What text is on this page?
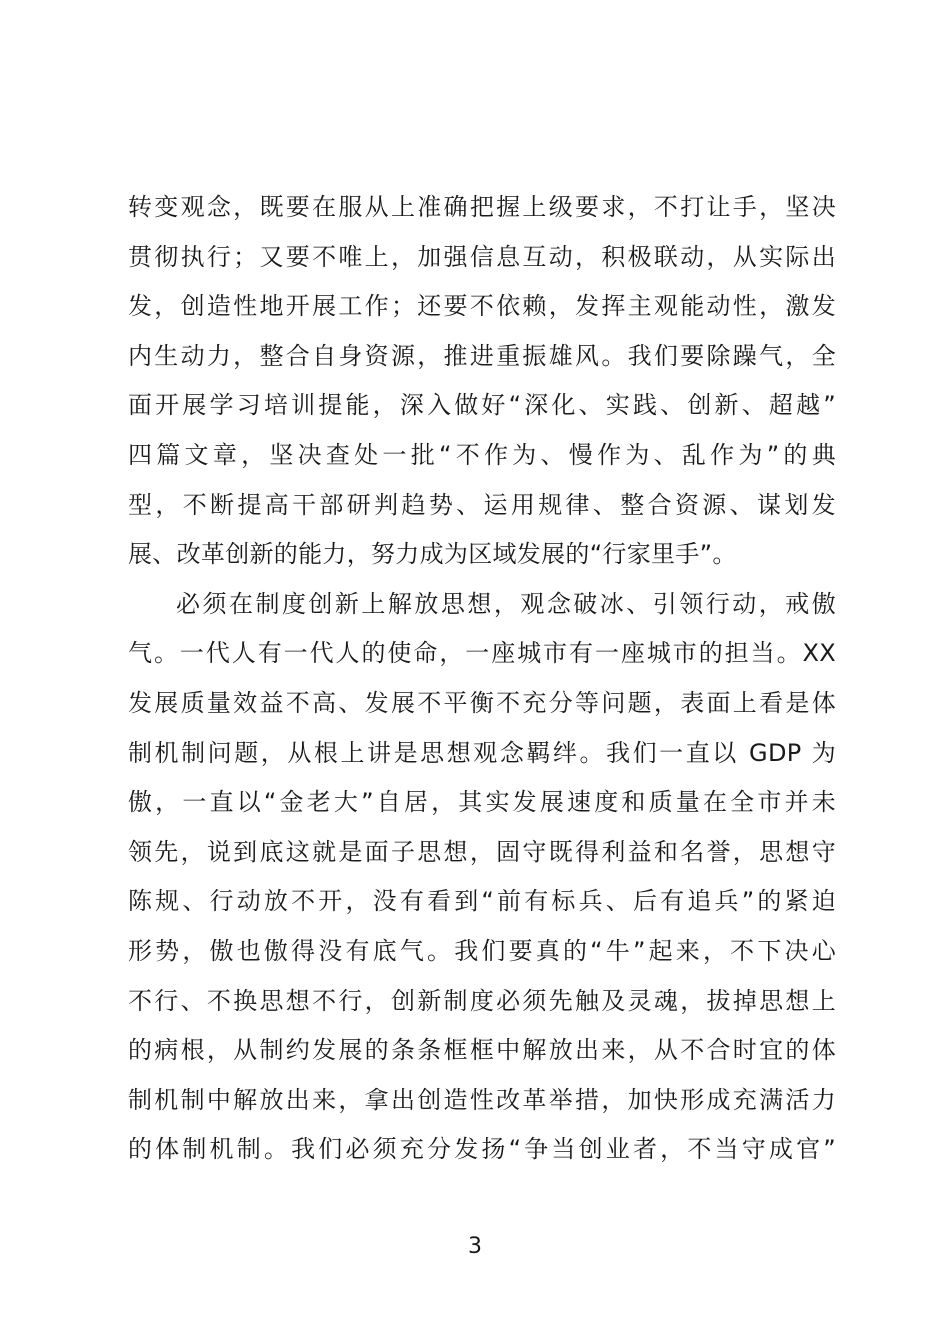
转变观念，既要在服从上准确把握上级要求，不打让手，坚决
贯彻执行；又要不唯上，加强信息互动，积极联动，从实际出
发，创造性地开展工作；还要不依赖，发挥主观能动性，激发
内生动力，整合自身资源，推进重振雄风。我们要除躁气，全
面开展学习培训提能，深入做好“深化、实践、创新、超越”
四篇文章，坚决查处一批“不作为、慢作为、乱作为”的典
型，不断提高干部研判趋势、运用规律、整合资源、谋划发
展、改革创新的能力，努力成为区域发展的“行家里手”。
必须在制度创新上解放思想，观念破冰、引领行动，戒傲
气。一代人有一代人的使命，一座城市有一座城市的担当。XX
发展质量效益不高、发展不平衡不充分等问题，表面上看是体
制机制问题，从根上讲是思想观念羁绊。我们一直以 GDP 为
傲，一直以“金老大”自居，其实发展速度和质量在全市并未
领先，说到底这就是面子思想，固守既得利益和名誉，思想守
陈规、行动放不开，没有看到“前有标兵、后有追兵”的紧迫
形势，傲也傲得没有底气。我们要真的“牛”起来，不下决心
不行、不换思想不行，创新制度必须先触及灵魂，拔掉思想上
的病根，从制约发展的条条框框中解放出来，从不合时宜的体
制机制中解放出来，拿出创造性改革举措，加快形成充满活力
的体制机制。我们必须充分发扬“争当创业者，不当守成官”
3
